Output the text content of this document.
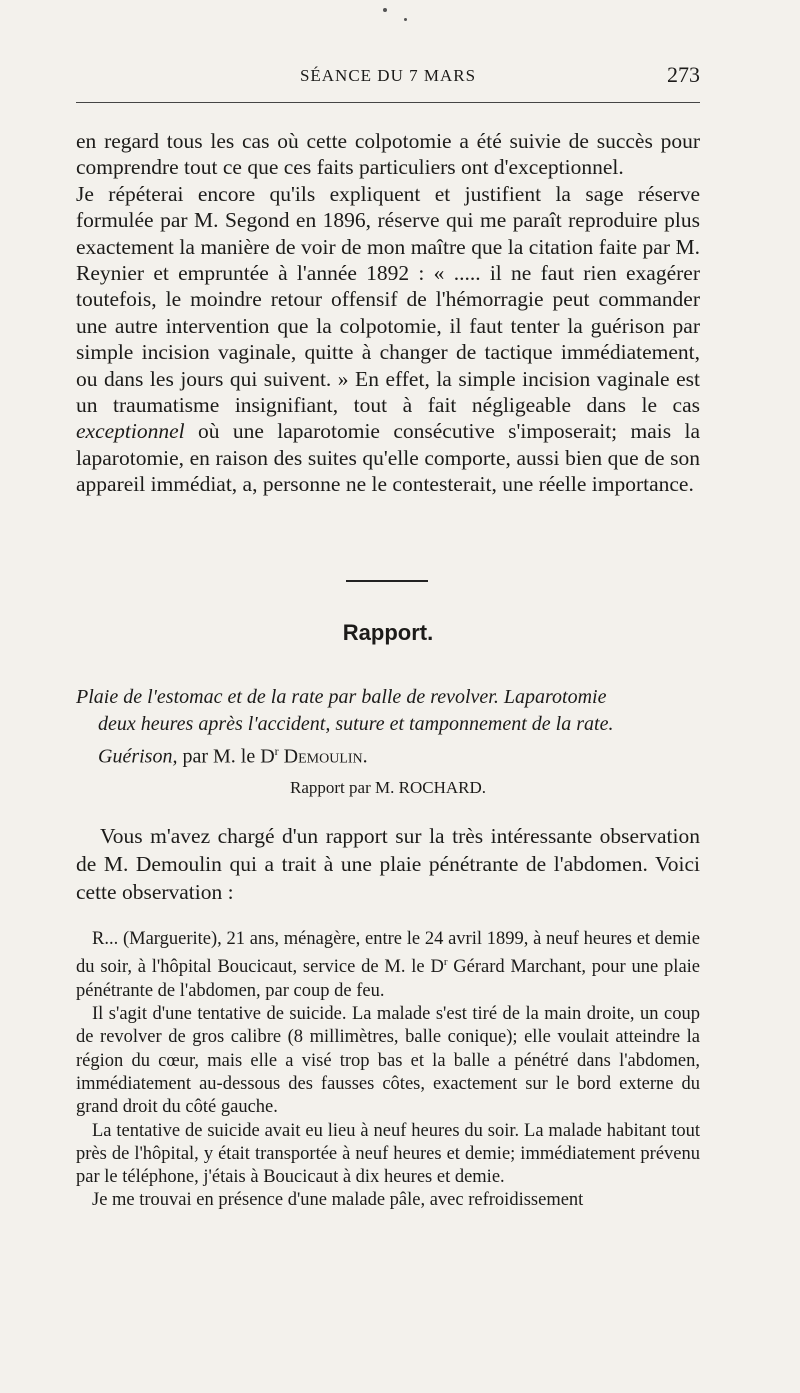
SÉANCE DU 7 MARS	273

en regard tous les cas où cette colpotomie a été suivie de succès pour comprendre tout ce que ces faits particuliers ont d'exceptionnel.

Je répéterai encore qu'ils expliquent et justifient la sage réserve formulée par M. Segond en 1896, réserve qui me paraît reproduire plus exactement la manière de voir de mon maître que la citation faite par M. Reynier et empruntée à l'année 1892 : « ..... il ne faut rien exagérer toutefois, le moindre retour offensif de l'hémorragie peut commander une autre intervention que la colpotomie, il faut tenter la guérison par simple incision vaginale, quitte à changer de tactique immédiatement, ou dans les jours qui suivent. » En effet, la simple incision vaginale est un traumatisme insignifiant, tout à fait négligeable dans le cas exceptionnel où une laparotomie consécutive s'imposerait; mais la laparotomie, en raison des suites qu'elle comporte, aussi bien que de son appareil immédiat, a, personne ne le contesterait, une réelle importance.

Rapport.
Plaie de l'estomac et de la rate par balle de revolver. Laparotomie
deux heures après l'accident, suture et tamponnement de la rate.
Guérison, par M. le $D^r$ Demoulin.
Rapport par M. ROCHARD.

Vous m'avez chargé d'un rapport sur la très intéressante observation de M. Demoulin qui a trait à une plaie pénétrante de l'abdomen. Voici cette observation :

R... (Marguerite), 21 ans, ménagère, entre le 24 avril 1899, à neuf heures et demie du soir, à l'hôpital Boucicaut, service de M. le $D^r$ Gérard Marchant, pour une plaie pénétrante de l'abdomen, par coup de feu.

Il s'agit d'une tentative de suicide. La malade s'est tiré de la main droite, un coup de revolver de gros calibre (8 millimètres, balle conique); elle voulait atteindre la région du cœur, mais elle a visé trop bas et la balle a pénétré dans l'abdomen, immédiatement au-dessous des fausses côtes, exactement sur le bord externe du grand droit du côté gauche.

La tentative de suicide avait eu lieu à neuf heures du soir. La malade habitant tout près de l'hôpital, y était transportée à neuf heures et demie; immédiatement prévenu par le téléphone, j'étais à Boucicaut à dix heures et demie.

Je me trouvai en présence d'une malade pâle, avec refroidissement
